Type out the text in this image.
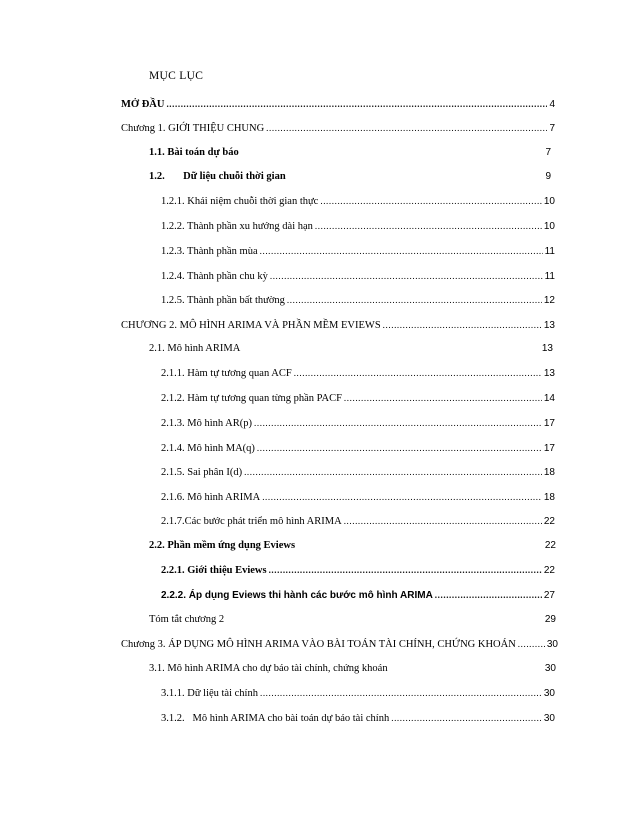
MỤC LỤC
MỞ ĐẦU .....	4
Chương 1. GIỚI THIỆU CHUNG .....	7
1.1. Bài toán dự báo	7
1.2.       Dữ liệu chuỗi thời gian	9
1.2.1. Khái niệm chuỗi thời gian thực .....	10
1.2.2. Thành phần xu hướng dài hạn .....	10
1.2.3. Thành phần mùa .....	11
1.2.4. Thành phần chu kỳ .....	11
1.2.5. Thành phần bất thường .....	12
CHƯƠNG 2. MÔ HÌNH ARIMA VÀ PHẦN MỀM EVIEWS .....	13
2.1. Mô hình ARIMA	13
2.1.1. Hàm tự tương quan ACF .....	13
2.1.2. Hàm tự tương quan từng phần PACF .....	14
2.1.3. Mô hình AR(p) .....	17
2.1.4. Mô hình MA(q) .....	17
2.1.5. Sai phân I(d) .....	18
2.1.6. Mô hình ARIMA .....	18
2.1.7.Các bước phát triển mô hình ARIMA .....	22
2.2. Phần mềm ứng dụng Eviews	22
2.2.1. Giới thiệu Eviews .....	22
2.2.2. Áp dụng Eviews thi hành các bước mô hình ARIMA .....	27
Tóm tắt chương 2	29
Chương 3. ÁP DỤNG MÔ HÌNH ARIMA VÀO BÀI TOÁN TÀI CHÍNH, CHỨNG KHOÁN .....	30
3.1. Mô hình ARIMA cho dự báo tài chính, chứng khoán	30
3.1.1. Dữ liệu tài chính .....	30
3.1.2.   Mô hình ARIMA cho bài toán dự báo tài chính .....	30
